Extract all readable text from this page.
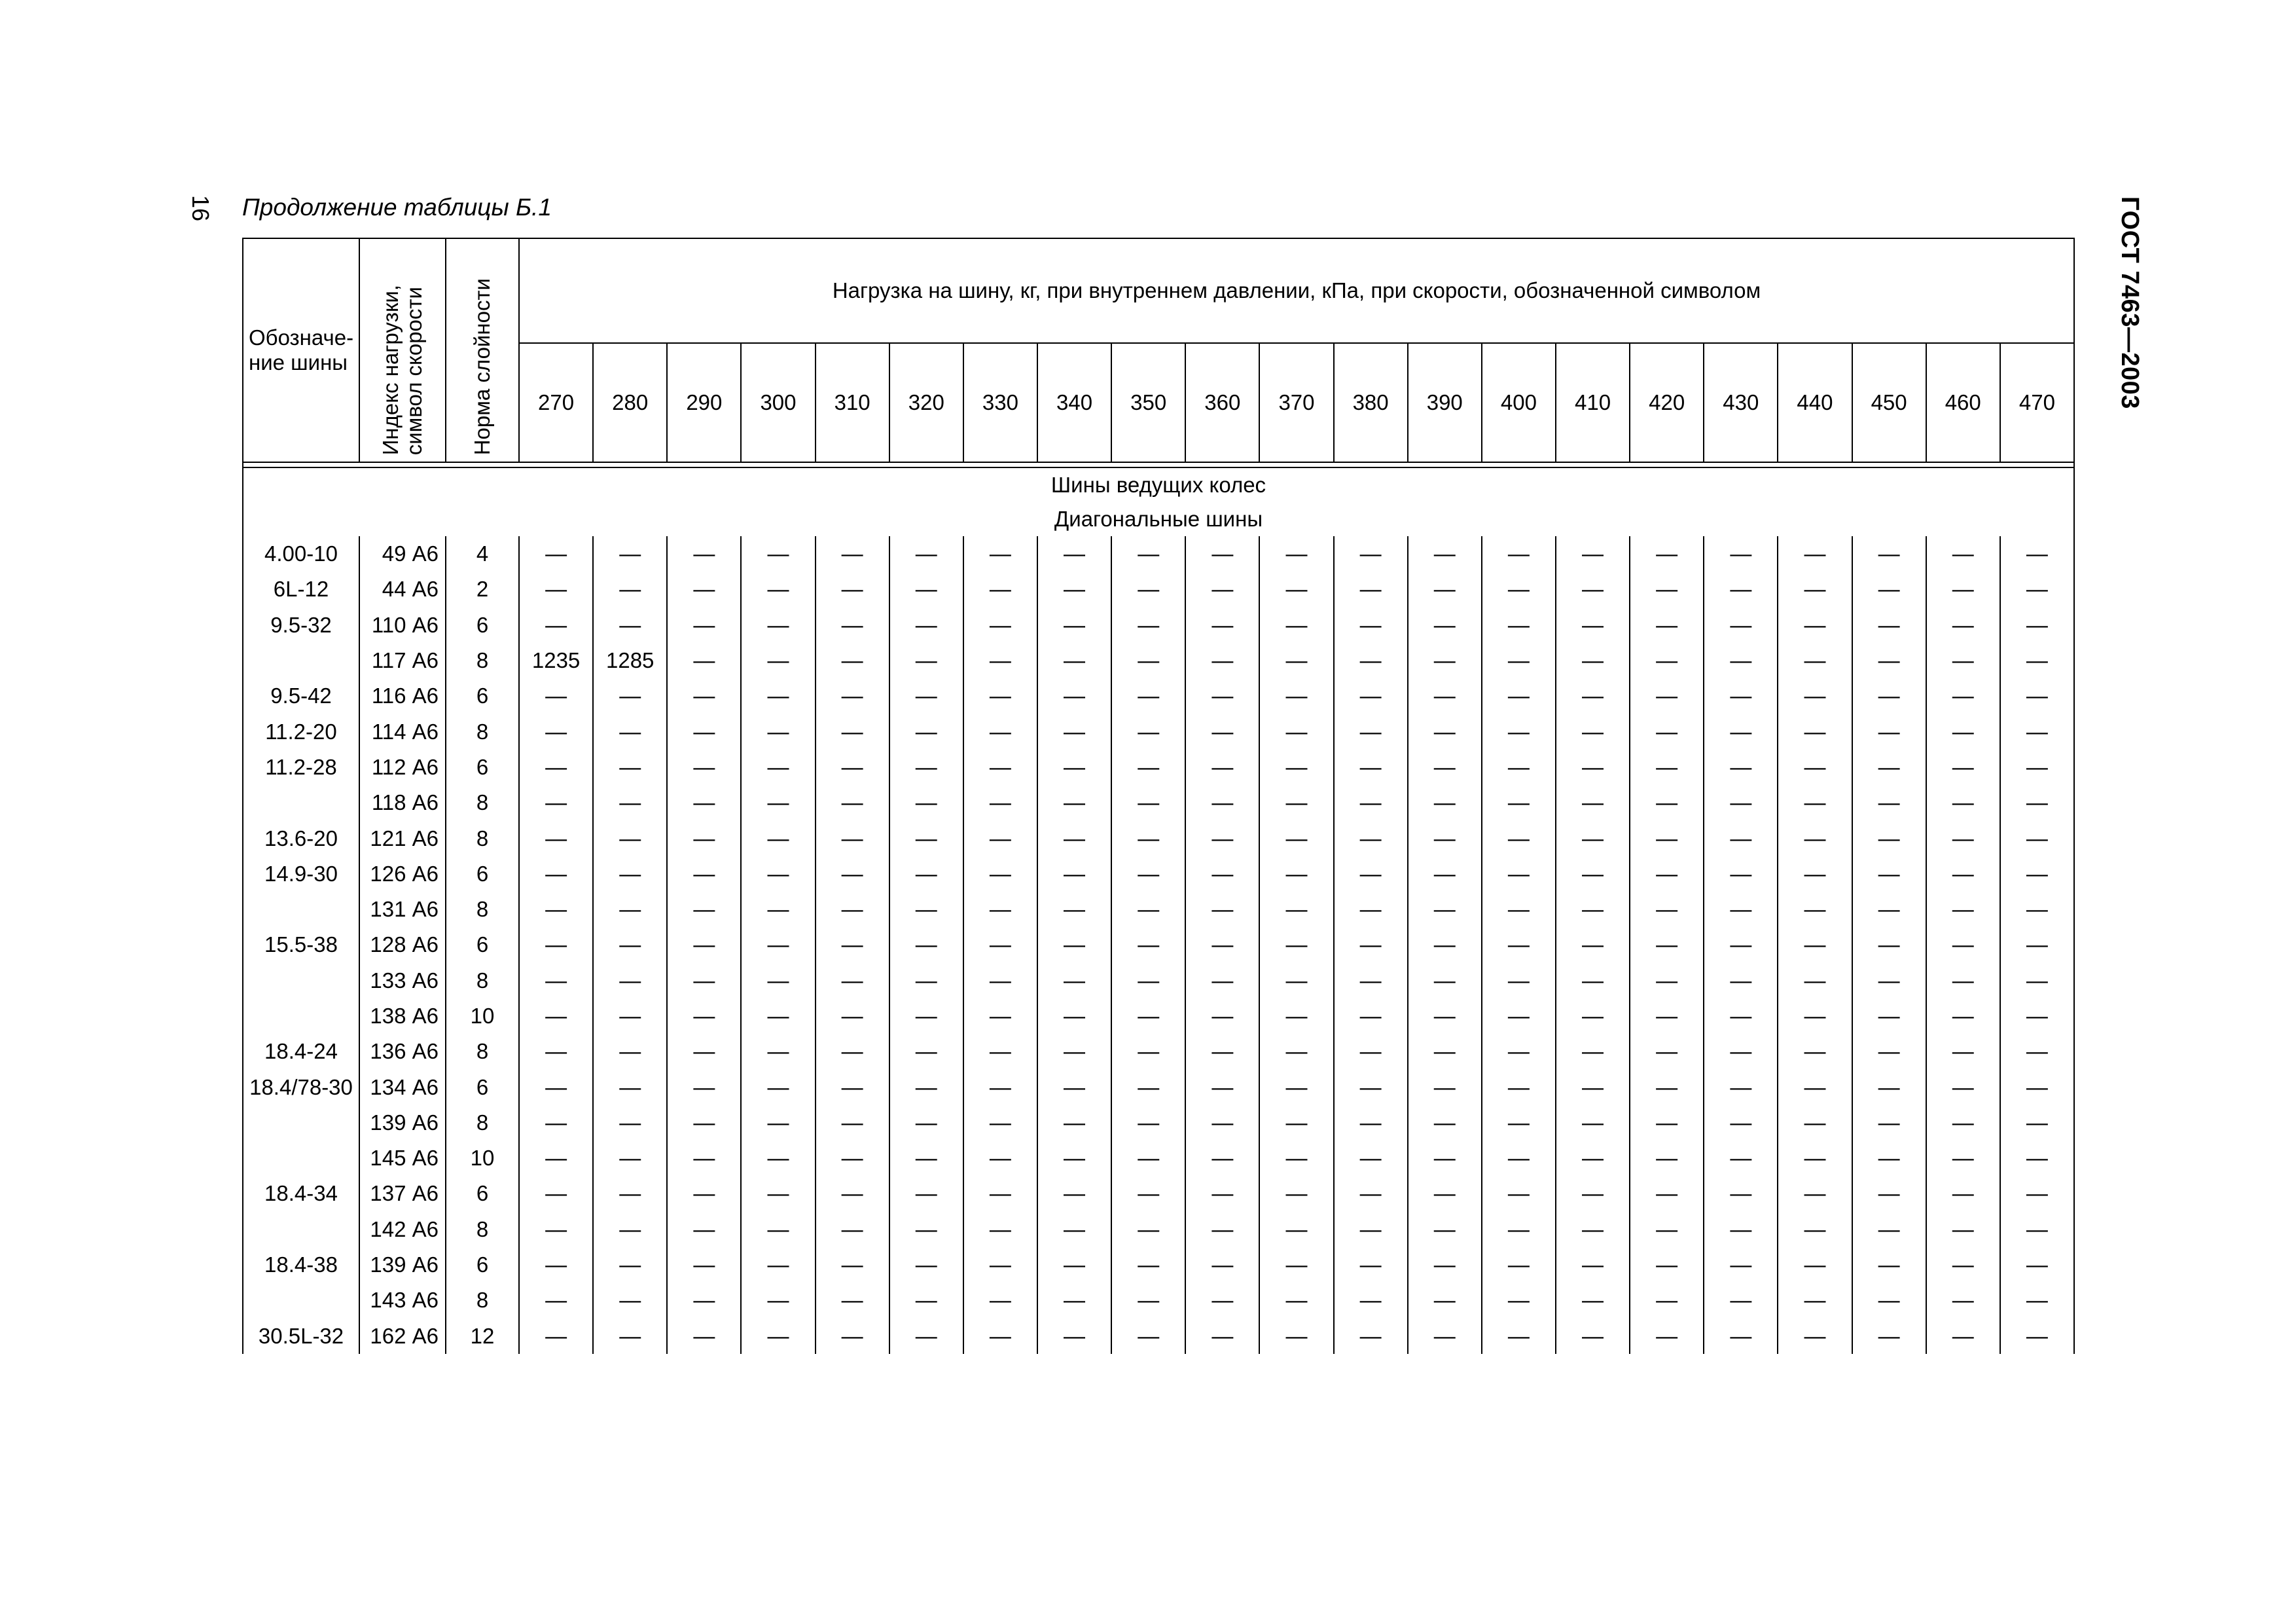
16 Продолжение таблицы Б.1	ГОСТ 7463—2003
Обозначе-
ние шины	Индекс нагрузки,
символ скорости	Норма слойности	Нагрузка на шину, кг, при внутреннем давлении, кПа, при скорости, обозначенной символом																				
			270	280	290	300	310	320	330	340	350	360	370	380	390	400	410	420	430	440	450	460	470

Шины ведущих колес																							
Диагональные шины																							
4.00-10	49 А6	4	—	—	—	—	—	—	—	—	—	—	—	—	—	—	—	—	—	—	—	—	—
6L-12	44 А6	2	—	—	—	—	—	—	—	—	—	—	—	—	—	—	—	—	—	—	—	—	—
9.5-32	110 А6	6	—	—	—	—	—	—	—	—	—	—	—	—	—	—	—	—	—	—	—	—	—
	117 А6	8	1235	1285	—	—	—	—	—	—	—	—	—	—	—	—	—	—	—	—	—	—	—
9.5-42	116 А6	6	—	—	—	—	—	—	—	—	—	—	—	—	—	—	—	—	—	—	—	—	—
11.2-20	114 А6	8	—	—	—	—	—	—	—	—	—	—	—	—	—	—	—	—	—	—	—	—	—
11.2-28	112 А6	6	—	—	—	—	—	—	—	—	—	—	—	—	—	—	—	—	—	—	—	—	—
	118 А6	8	—	—	—	—	—	—	—	—	—	—	—	—	—	—	—	—	—	—	—	—	—
13.6-20	121 А6	8	—	—	—	—	—	—	—	—	—	—	—	—	—	—	—	—	—	—	—	—	—
14.9-30	126 А6	6	—	—	—	—	—	—	—	—	—	—	—	—	—	—	—	—	—	—	—	—	—
	131 А6	8	—	—	—	—	—	—	—	—	—	—	—	—	—	—	—	—	—	—	—	—	—
15.5-38	128 А6	6	—	—	—	—	—	—	—	—	—	—	—	—	—	—	—	—	—	—	—	—	—
	133 А6	8	—	—	—	—	—	—	—	—	—	—	—	—	—	—	—	—	—	—	—	—	—
	138 А6	10	—	—	—	—	—	—	—	—	—	—	—	—	—	—	—	—	—	—	—	—	—
18.4-24	136 А6	8	—	—	—	—	—	—	—	—	—	—	—	—	—	—	—	—	—	—	—	—	—
18.4/78-30	134 А6	6	—	—	—	—	—	—	—	—	—	—	—	—	—	—	—	—	—	—	—	—	—
	139 А6	8	—	—	—	—	—	—	—	—	—	—	—	—	—	—	—	—	—	—	—	—	—
	145 А6	10	—	—	—	—	—	—	—	—	—	—	—	—	—	—	—	—	—	—	—	—	—
18.4-34	137 А6	6	—	—	—	—	—	—	—	—	—	—	—	—	—	—	—	—	—	—	—	—	—
	142 А6	8	—	—	—	—	—	—	—	—	—	—	—	—	—	—	—	—	—	—	—	—	—
18.4-38	139 А6	6	—	—	—	—	—	—	—	—	—	—	—	—	—	—	—	—	—	—	—	—	—
	143 А6	8	—	—	—	—	—	—	—	—	—	—	—	—	—	—	—	—	—	—	—	—	—
30.5L-32	162 А6	12	—	—	—	—	—	—	—	—	—	—	—	—	—	—	—	—	—	—	—	—	—
